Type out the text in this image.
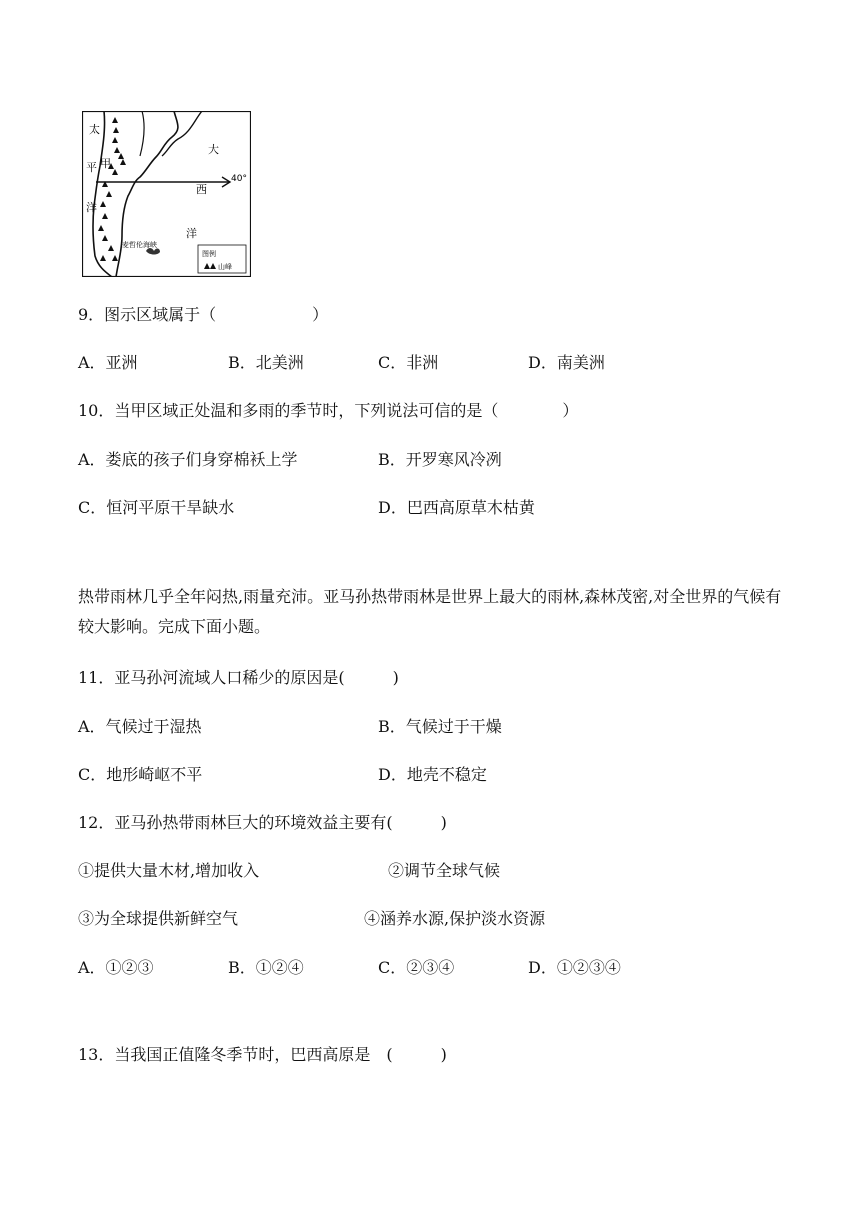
太
平 甲
洋
大
西
洋
40°
麦哲伦海峡
图例
山峰
9．图示区域属于（　　　　　　）
A．亚洲	B．北美洲	C．非洲	D．南美洲
10．当甲区域正处温和多雨的季节时，下列说法可信的是（　　　　）
A．娄底的孩子们身穿棉袄上学	B．开罗寒风冷冽
C．恒河平原干旱缺水	D．巴西高原草木枯黄
热带雨林几乎全年闷热,雨量充沛。亚马孙热带雨林是世界上最大的雨林,森林茂密,对全世界的气候有较大影响。完成下面小题。
11．亚马孙河流域人口稀少的原因是(　　　)
A．气候过于湿热	B．气候过于干燥
C．地形崎岖不平	D．地壳不稳定
12．亚马孙热带雨林巨大的环境效益主要有(　　　)
①提供大量木材,增加收入	②调节全球气候
③为全球提供新鲜空气	④涵养水源,保护淡水资源
A．①②③	B．①②④	C．②③④	D．①②③④
13．当我国正值隆冬季节时，巴西高原是　(　　　)
